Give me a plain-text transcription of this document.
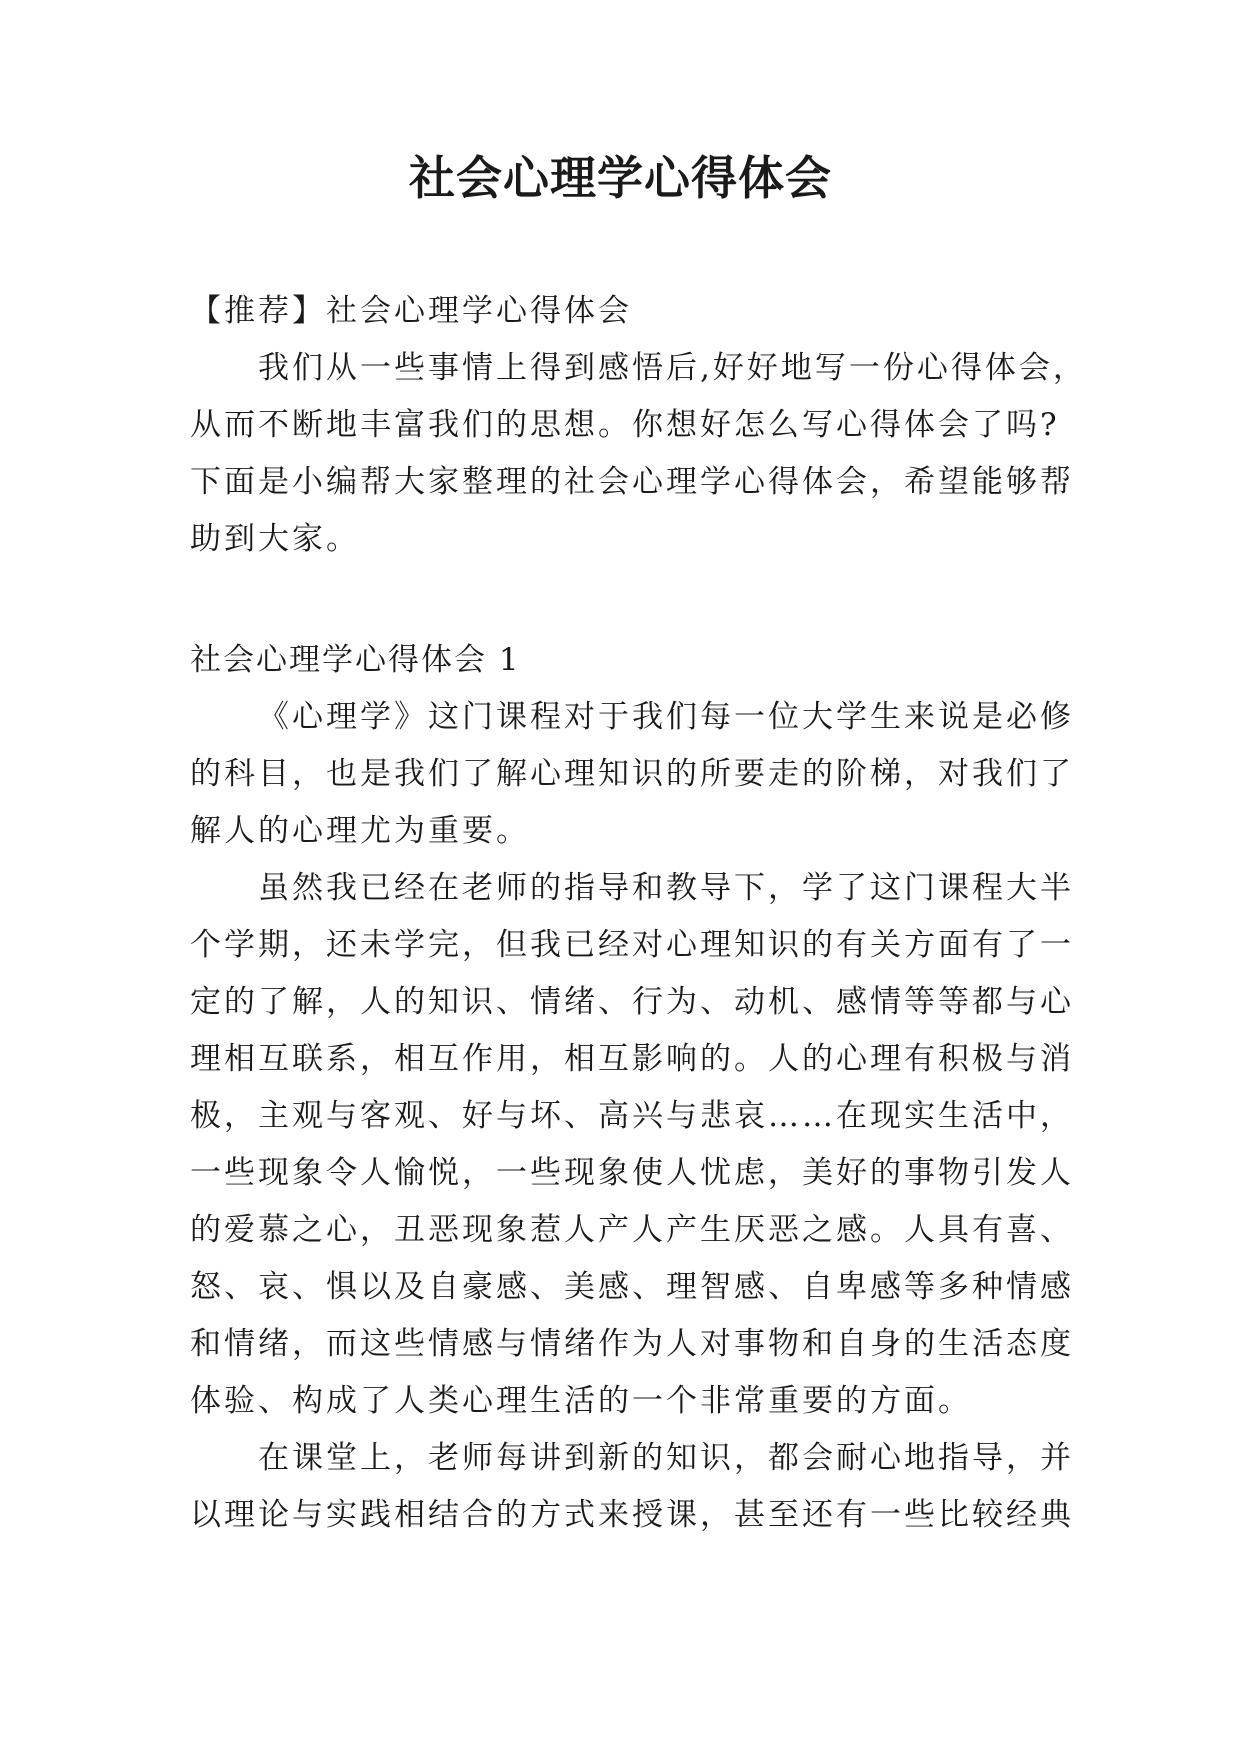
社会心理学心得体会
【推荐】社会心理学心得体会
我们从一些事情上得到感悟后,好好地写一份心得体会，
从而不断地丰富我们的思想。你想好怎么写心得体会了吗?
下面是小编帮大家整理的社会心理学心得体会，希望能够帮
助到大家。
社会心理学心得体会 1
《心理学》这门课程对于我们每一位大学生来说是必修
的科目，也是我们了解心理知识的所要走的阶梯，对我们了
解人的心理尤为重要。
虽然我已经在老师的指导和教导下，学了这门课程大半
个学期，还未学完，但我已经对心理知识的有关方面有了一
定的了解，人的知识、情绪、行为、动机、感情等等都与心
理相互联系，相互作用，相互影响的。人的心理有积极与消
极，主观与客观、好与坏、高兴与悲哀……在现实生活中，
一些现象令人愉悦，一些现象使人忧虑，美好的事物引发人
的爱慕之心，丑恶现象惹人产人产生厌恶之感。人具有喜、
怒、哀、惧以及自豪感、美感、理智感、自卑感等多种情感
和情绪，而这些情感与情绪作为人对事物和自身的生活态度
体验、构成了人类心理生活的一个非常重要的方面。
在课堂上，老师每讲到新的知识，都会耐心地指导，并
以理论与实践相结合的方式来授课，甚至还有一些比较经典
